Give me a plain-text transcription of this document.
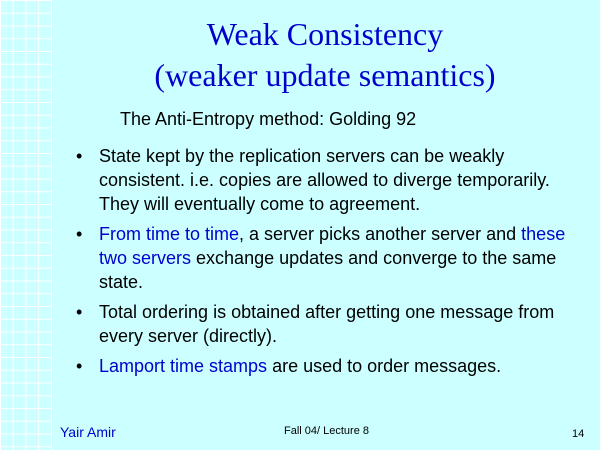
Weak Consistency
(weaker update semantics)
The Anti-Entropy method: Golding 92
• State kept by the replication servers can be weakly consistent. i.e. copies are allowed to diverge temporarily. They will eventually come to agreement.
• From time to time, a server picks another server and these two servers exchange updates and converge to the same state.
• Total ordering is obtained after getting one message from every server (directly).
• Lamport time stamps are used to order messages.
Yair Amir	Fall 04/ Lecture 8	14
